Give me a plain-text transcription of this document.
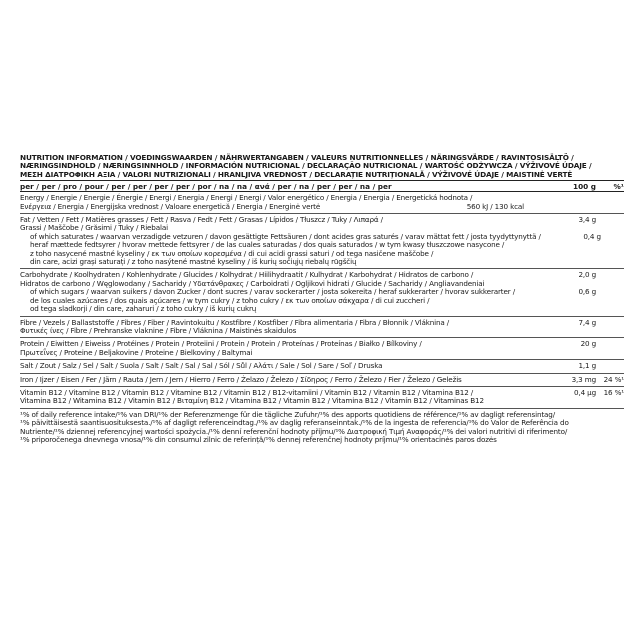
NUTRITION INFORMATION / VOEDINGSWAARDEN / NÄHRWERTANGABEN / VALEURS NUTRITIONNELLES / NÄRINGSVÄRDE / RAVINTOSISÄLTÖ /
NÆRINGSINDHOLD / NÆRINGSINNHOLD / INFORMACIÓN NUTRICIONAL / DECLARAÇÃO NUTRICIONAL / WARTOŚĆ ODŻYWCZA / VÝŽIVOVÉ ÚDAJE /
ΜΕΣΗ ΔΙΑΤΡΟΦΙΚΗ ΑΞΙΑ / VALORI NUTRIZIONALI / HRANLJIVA VREDNOST / DECLARAȚIE NUTRIȚIONALĂ / VÝŽIVOVÉ ÚDAJE / MAISTINĖ VERTĖ
per / per / pro / pour / per / per / per / per / por / na / na / ανά / per / na / per / per / na / per	100 g	%¹
Energy / Energie / Energie / Énergie / Energi / Energia / Energi / Energi / Valor energético / Energia / Energia / Energetická hodnota /
Ενέργεια / Energia / Energijska vrednost / Valoare energetică / Energia / Energinė vertė	560 kJ / 130 kcal
Fat / Vetten / Fett / Matières grasses / Fett / Rasva / Fedt / Fett / Grasas / Lípidos / Tłuszcz / Tuky / Λιπαρά /	3,4 g
Grassi / Maščobe / Grăsimi / Tuky / Riebalai
of which saturates / waarvan verzadigde vetzuren / davon gesättigte Fettsäuren / dont acides gras saturés / varav mättat fett / josta tyydyttynyttä /	0,4 g
heraf mættede fedtsyrer / hvorav mettede fettsyrer / de las cuales saturadas / dos quais saturados / w tym kwasy tłuszczowe nasycone /
z toho nasycené mastné kyseliny / εκ των οποίων κορεσμένα / di cui acidi grassi saturi / od tega nasičene maščobe /
din care, acizi grași saturați / z toho nasýtené mastné kyseliny / iš kurių sočiųjų riebalų rūgščių
Carbohydrate / Koolhydraten / Kohlenhydrate / Glucides / Kolhydrat / Hiilihydraatit / Kulhydrat / Karbohydrat / Hidratos de carbono /	2,0 g
Hidratos de carbono / Węglowodany / Sacharidy / Υδατάνθρακες / Carboidrati / Ogljikovi hidrati / Glucide / Sacharidy / Angliavandeniai
of which sugars / waarvan suikers / davon Zucker / dont sucres / varav sockerarter / josta sokereita / heraf sukkerarter / hvorav sukkerarter /	0,6 g
de los cuales azúcares / dos quais açúcares / w tym cukry / z toho cukry / εκ των οποίων σάκχαρα / di cui zuccheri /
od tega sladkorji / din care, zaharuri / z toho cukry / iš kurių cukrų
Fibre / Vezels / Ballaststoffe / Fibres / Fiber / Ravintokuitu / Kostfibre / Kostfiber / Fibra alimentaria / Fibra / Błonnik / Vláknina /	7,4 g
Φυτικές ίνες / Fibre / Prehranske vlaknine / Fibre / Vláknina / Maistinės skaidulos
Protein / Eiwitten / Eiweiss / Protéines / Protein / Proteiini / Protein / Protein / Proteínas / Proteínas / Białko / Bílkoviny /	20 g
Πρωτεΐνες / Proteine / Beljakovine / Proteine / Bielkoviny / Baltymai
Salt / Zout / Salz / Sel / Salt / Suola / Salt / Salt / Sal / Sal / Sól / Sůl / Αλάτι / Sale / Sol / Sare / Soľ / Druska	1,1 g
Iron / Ijzer / Eisen / Fer / Järn / Rauta / Jern / Jern / Hierro / Ferro / Żelazo / Železo / Σίδηρος / Ferro / Železo / Fier / Železo / Geležis	3,3 mg	24 %¹
Vitamin B12 / Vitamine B12 / Vitamin B12 / Vitamine B12 / Vitamin B12 / B12-vitamiini / Vitamin B12 / Vitamin B12 / Vitamina B12 /	0,4 µg	16 %¹
Vitamina B12 / Witamina B12 / Vitamin B12 / Βιταμίνη B12 / Vitamina B12 / Vitamin B12 / Vitamina B12 / Vitamín B12 / Vitaminas B12
¹% of daily reference intake/¹% van DRI/¹% der Referenzmenge für die tägliche Zufuhr/¹% des apports quotidiens de référence/¹% av dagligt referensintag/
¹% päivittäisestä saantisuosituksesta./¹% af dagligt referenceindtag./¹% av daglig referanseinntak./¹% de la ingesta de referencia/¹% do Valor de Referência do
Nutriente/¹% dziennej referencyjnej wartości spożycia./¹% denní referenční hodnoty příjmu/¹% Διατροφική Τιμή Αναφοράς/¹% dei valori nutritivi di riferimento/
¹% priporočenega dnevnega vnosa/¹% din consumul zilnic de referință/¹% dennej referenčnej hodnoty príjmu/¹% orientacinės paros dozės
